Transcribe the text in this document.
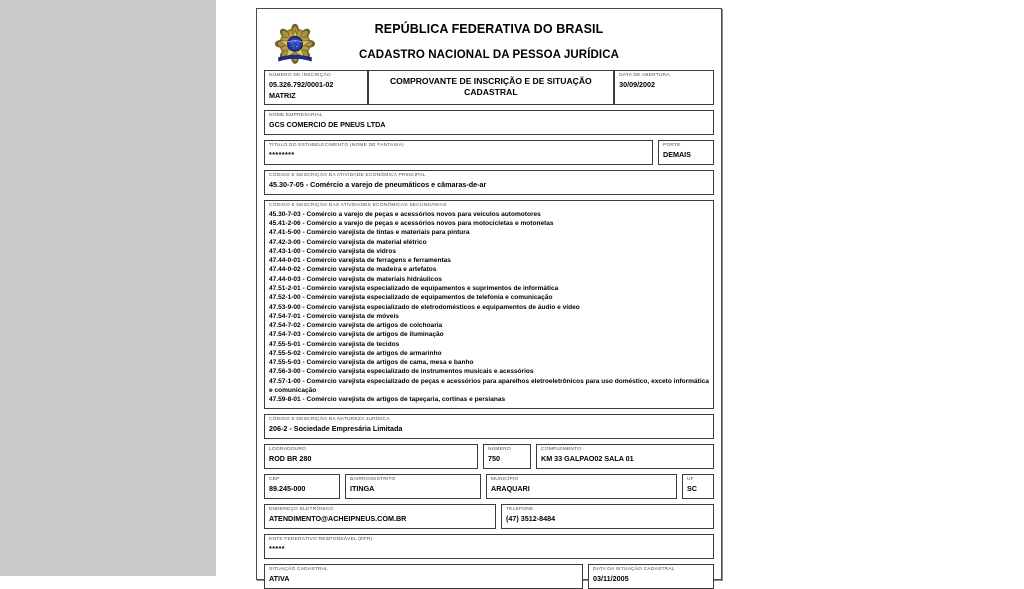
REPÚBLICA FEDERATIVA DO BRASIL
CADASTRO NACIONAL DA PESSOA JURÍDICA
NÚMERO DE INSCRIÇÃO
05.326.792/0001-02
MATRIZ
COMPROVANTE DE INSCRIÇÃO E DE SITUAÇÃO CADASTRAL
DATA DE ABERTURA
30/09/2002
NOME EMPRESARIAL
GCS COMERCIO DE PNEUS LTDA
TÍTULO DO ESTABELECIMENTO (NOME DE FANTASIA)
********
PORTE
DEMAIS
CÓDIGO E DESCRIÇÃO DA ATIVIDADE ECONÔMICA PRINCIPAL
45.30-7-05 - Comércio a varejo de pneumáticos e câmaras-de-ar
CÓDIGO E DESCRIÇÃO DAS ATIVIDADES ECONÔMICAS SECUNDÁRIAS
45.30-7-03 - Comércio a varejo de peças e acessórios novos para veículos automotores
45.41-2-06 - Comércio a varejo de peças e acessórios novos para motocicletas e motonetas
47.41-5-00 - Comércio varejista de tintas e materiais para pintura
47.42-3-00 - Comércio varejista de material elétrico
47.43-1-00 - Comércio varejista de vidros
47.44-0-01 - Comércio varejista de ferragens e ferramentas
47.44-0-02 - Comércio varejista de madeira e artefatos
47.44-0-03 - Comércio varejista de materiais hidráulicos
47.51-2-01 - Comércio varejista especializado de equipamentos e suprimentos de informática
47.52-1-00 - Comércio varejista especializado de equipamentos de telefonia e comunicação
47.53-9-00 - Comércio varejista especializado de eletrodomésticos e equipamentos de áudio e vídeo
47.54-7-01 - Comércio varejista de móveis
47.54-7-02 - Comércio varejista de artigos de colchoaria
47.54-7-03 - Comércio varejista de artigos de iluminação
47.55-5-01 - Comércio varejista de tecidos
47.55-5-02 - Comércio varejista de artigos de armarinho
47.55-5-03 - Comércio varejista de artigos de cama, mesa e banho
47.56-3-00 - Comércio varejista especializado de instrumentos musicais e acessórios
47.57-1-00 - Comércio varejista especializado de peças e acessórios para aparelhos eletroeletrônicos para uso doméstico, exceto informática e comunicação
47.59-8-01 - Comércio varejista de artigos de tapeçaria, cortinas e persianas
CÓDIGO E DESCRIÇÃO DA NATUREZA JURÍDICA
206-2 - Sociedade Empresária Limitada
LOGRADOURO
ROD BR 280
NÚMERO
750
COMPLEMENTO
KM 33 GALPAO02 SALA 01
CEP
89.245-000
BAIRRO/DISTRITO
ITINGA
MUNICÍPIO
ARAQUARI
UF
SC
ENDEREÇO ELETRÔNICO
ATENDIMENTO@ACHEIPNEUS.COM.BR
TELEFONE
(47) 3512-8484
ENTE FEDERATIVO RESPONSÁVEL (EFR)
*****
SITUAÇÃO CADASTRAL
ATIVA
DATA DA SITUAÇÃO CADASTRAL
03/11/2005
